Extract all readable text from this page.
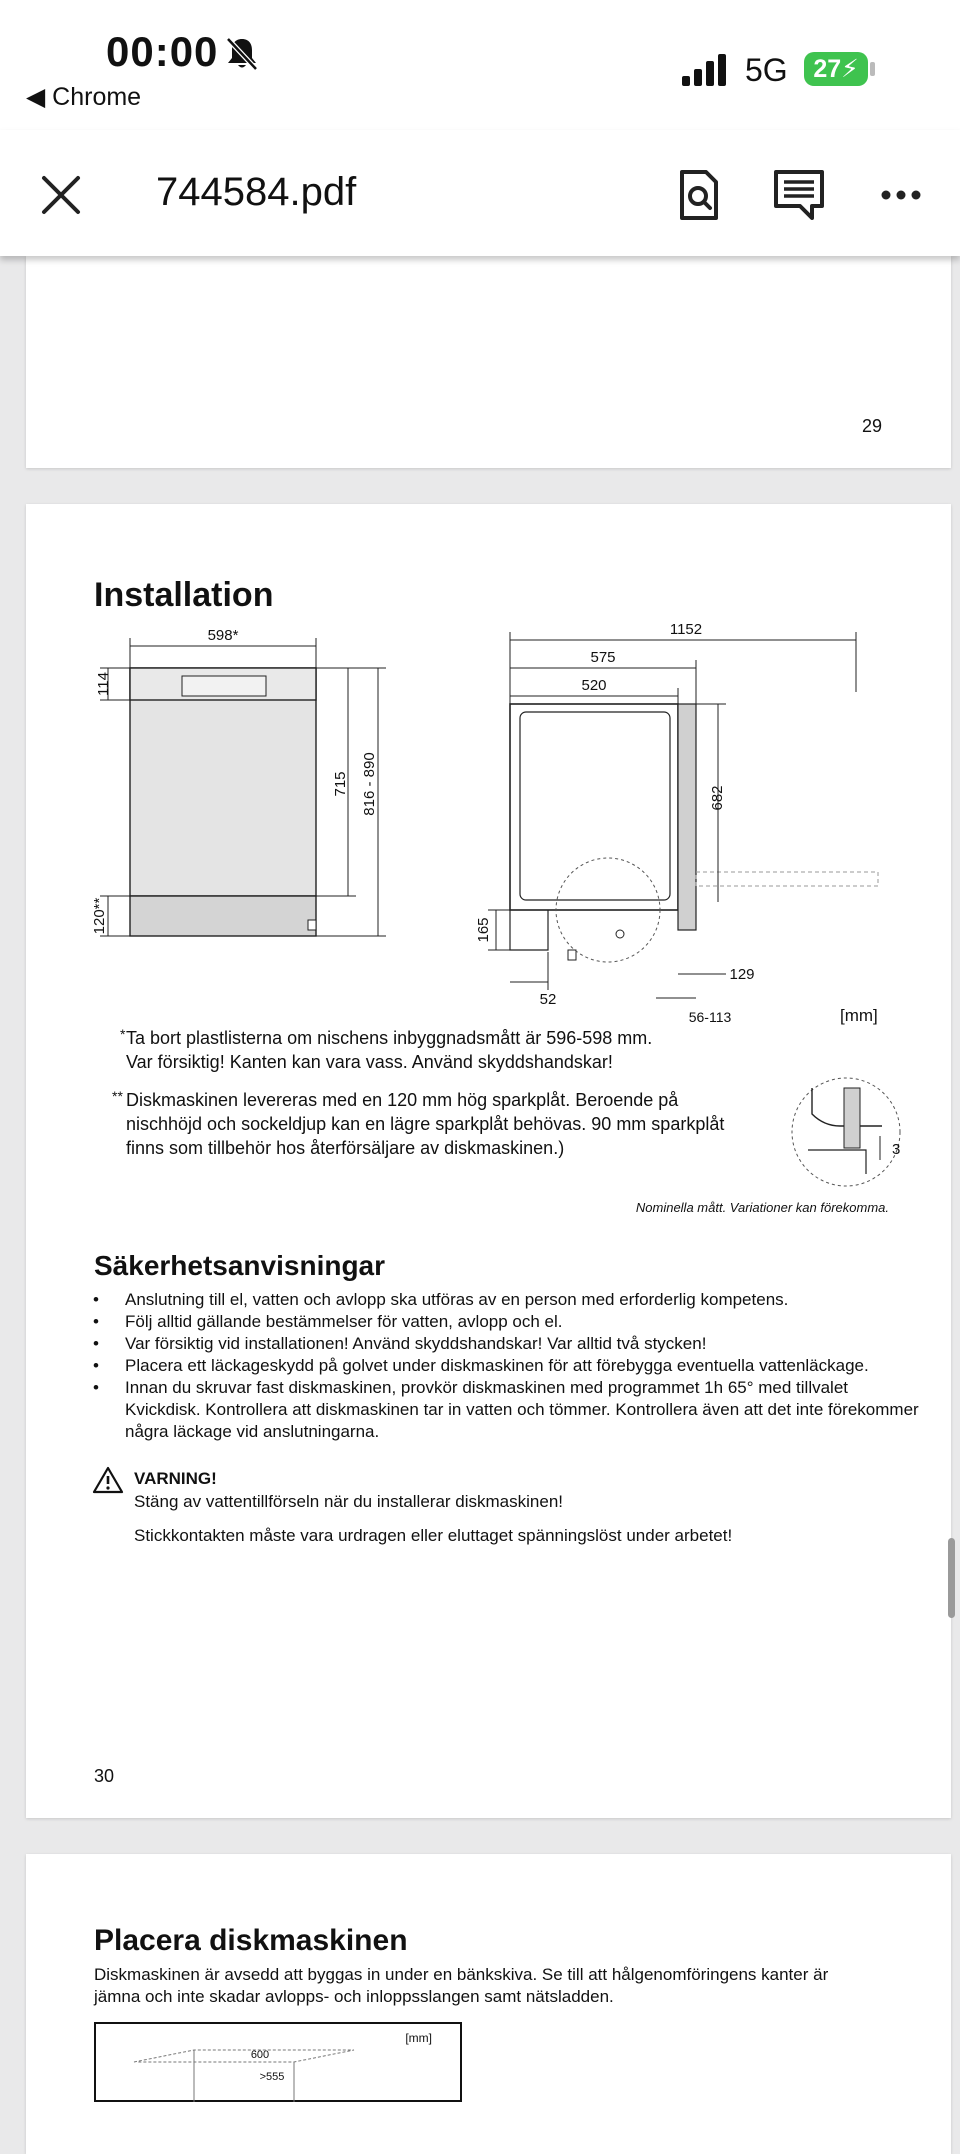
00:00
◀ Chrome
5G	27⚡
744584.pdf
29
Installation
598*
114
120**
715 816 - 890
1152
575
520
682
165
52
129
56-113	[mm]
* Ta bort plastlisterna om nischens inbyggnadsmått är 596-598 mm.
Var försiktig! Kanten kan vara vass. Använd skyddshandskar!
** Diskmaskinen levereras med en 120 mm hög sparkplåt. Beroende på
nischhöjd och sockeldjup kan en lägre sparkplåt behövas. 90 mm sparkplåt
finns som tillbehör hos återförsäljare av diskmaskinen.)	3
Nominella mått. Variationer kan förekomma.
Säkerhetsanvisningar
• Anslutning till el, vatten och avlopp ska utföras av en person med erforderlig kompetens.
• Följ alltid gällande bestämmelser för vatten, avlopp och el.
• Var försiktig vid installationen! Använd skyddshandskar! Var alltid två stycken!
• Placera ett läckageskydd på golvet under diskmaskinen för att förebygga eventuella vattenläckage.
• Innan du skruvar fast diskmaskinen, provkör diskmaskinen med programmet 1h 65° med tillvalet Kvickdisk. Kontrollera att diskmaskinen tar in vatten och tömmer. Kontrollera även att det inte förekommer några läckage vid anslutningarna.
VARNING!
Stäng av vattentillförseln när du installerar diskmaskinen!
Stickkontakten måste vara urdragen eller eluttaget spänningslöst under arbetet!
30
Placera diskmaskinen
Diskmaskinen är avsedd att byggas in under en bänkskiva. Se till att hålgenomföringens kanter är
jämna och inte skadar avlopps- och inloppsslangen samt nätsladden.
[mm]
600
>555
